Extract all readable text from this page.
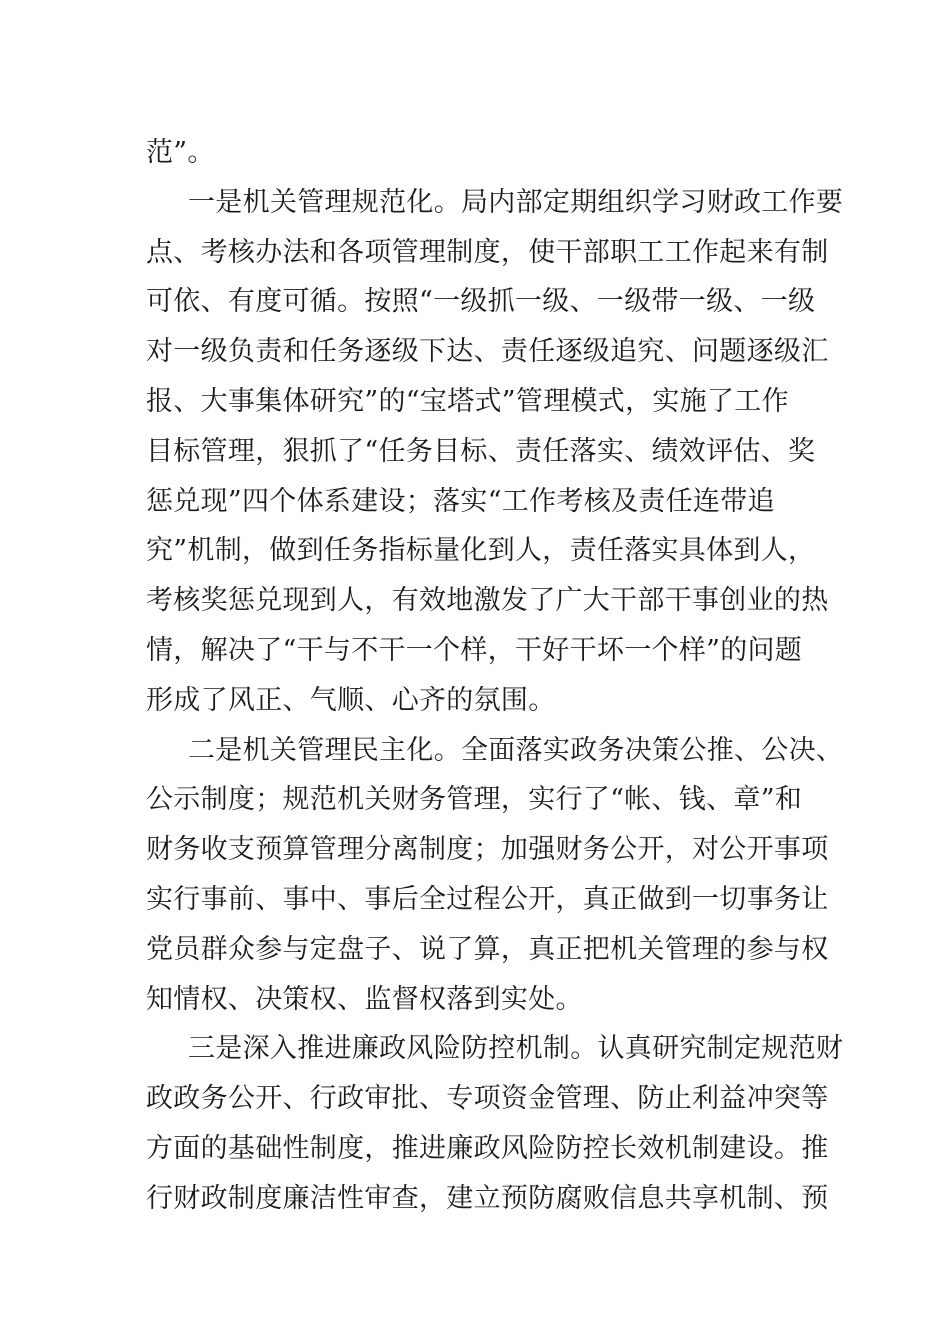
范”。
一是机关管理规范化。局内部定期组织学习财政工作要
点、考核办法和各项管理制度，使干部职工工作起来有制
可依、有度可循。按照“一级抓一级、一级带一级、一级
对一级负责和任务逐级下达、责任逐级追究、问题逐级汇
报、大事集体研究”的“宝塔式”管理模式，实施了工作
目标管理，狠抓了“任务目标、责任落实、绩效评估、奖
惩兑现”四个体系建设；落实“工作考核及责任连带追
究”机制，做到任务指标量化到人，责任落实具体到人，
考核奖惩兑现到人，有效地激发了广大干部干事创业的热
情，解决了“干与不干一个样，干好干坏一个样”的问题
形成了风正、气顺、心齐的氛围。
二是机关管理民主化。全面落实政务决策公推、公决、
公示制度；规范机关财务管理，实行了“帐、钱、章”和
财务收支预算管理分离制度；加强财务公开，对公开事项
实行事前、事中、事后全过程公开，真正做到一切事务让
党员群众参与定盘子、说了算，真正把机关管理的参与权
知情权、决策权、监督权落到实处。
三是深入推进廉政风险防控机制。认真研究制定规范财
政政务公开、行政审批、专项资金管理、防止利益冲突等
方面的基础性制度，推进廉政风险防控长效机制建设。推
行财政制度廉洁性审查，建立预防腐败信息共享机制、预
